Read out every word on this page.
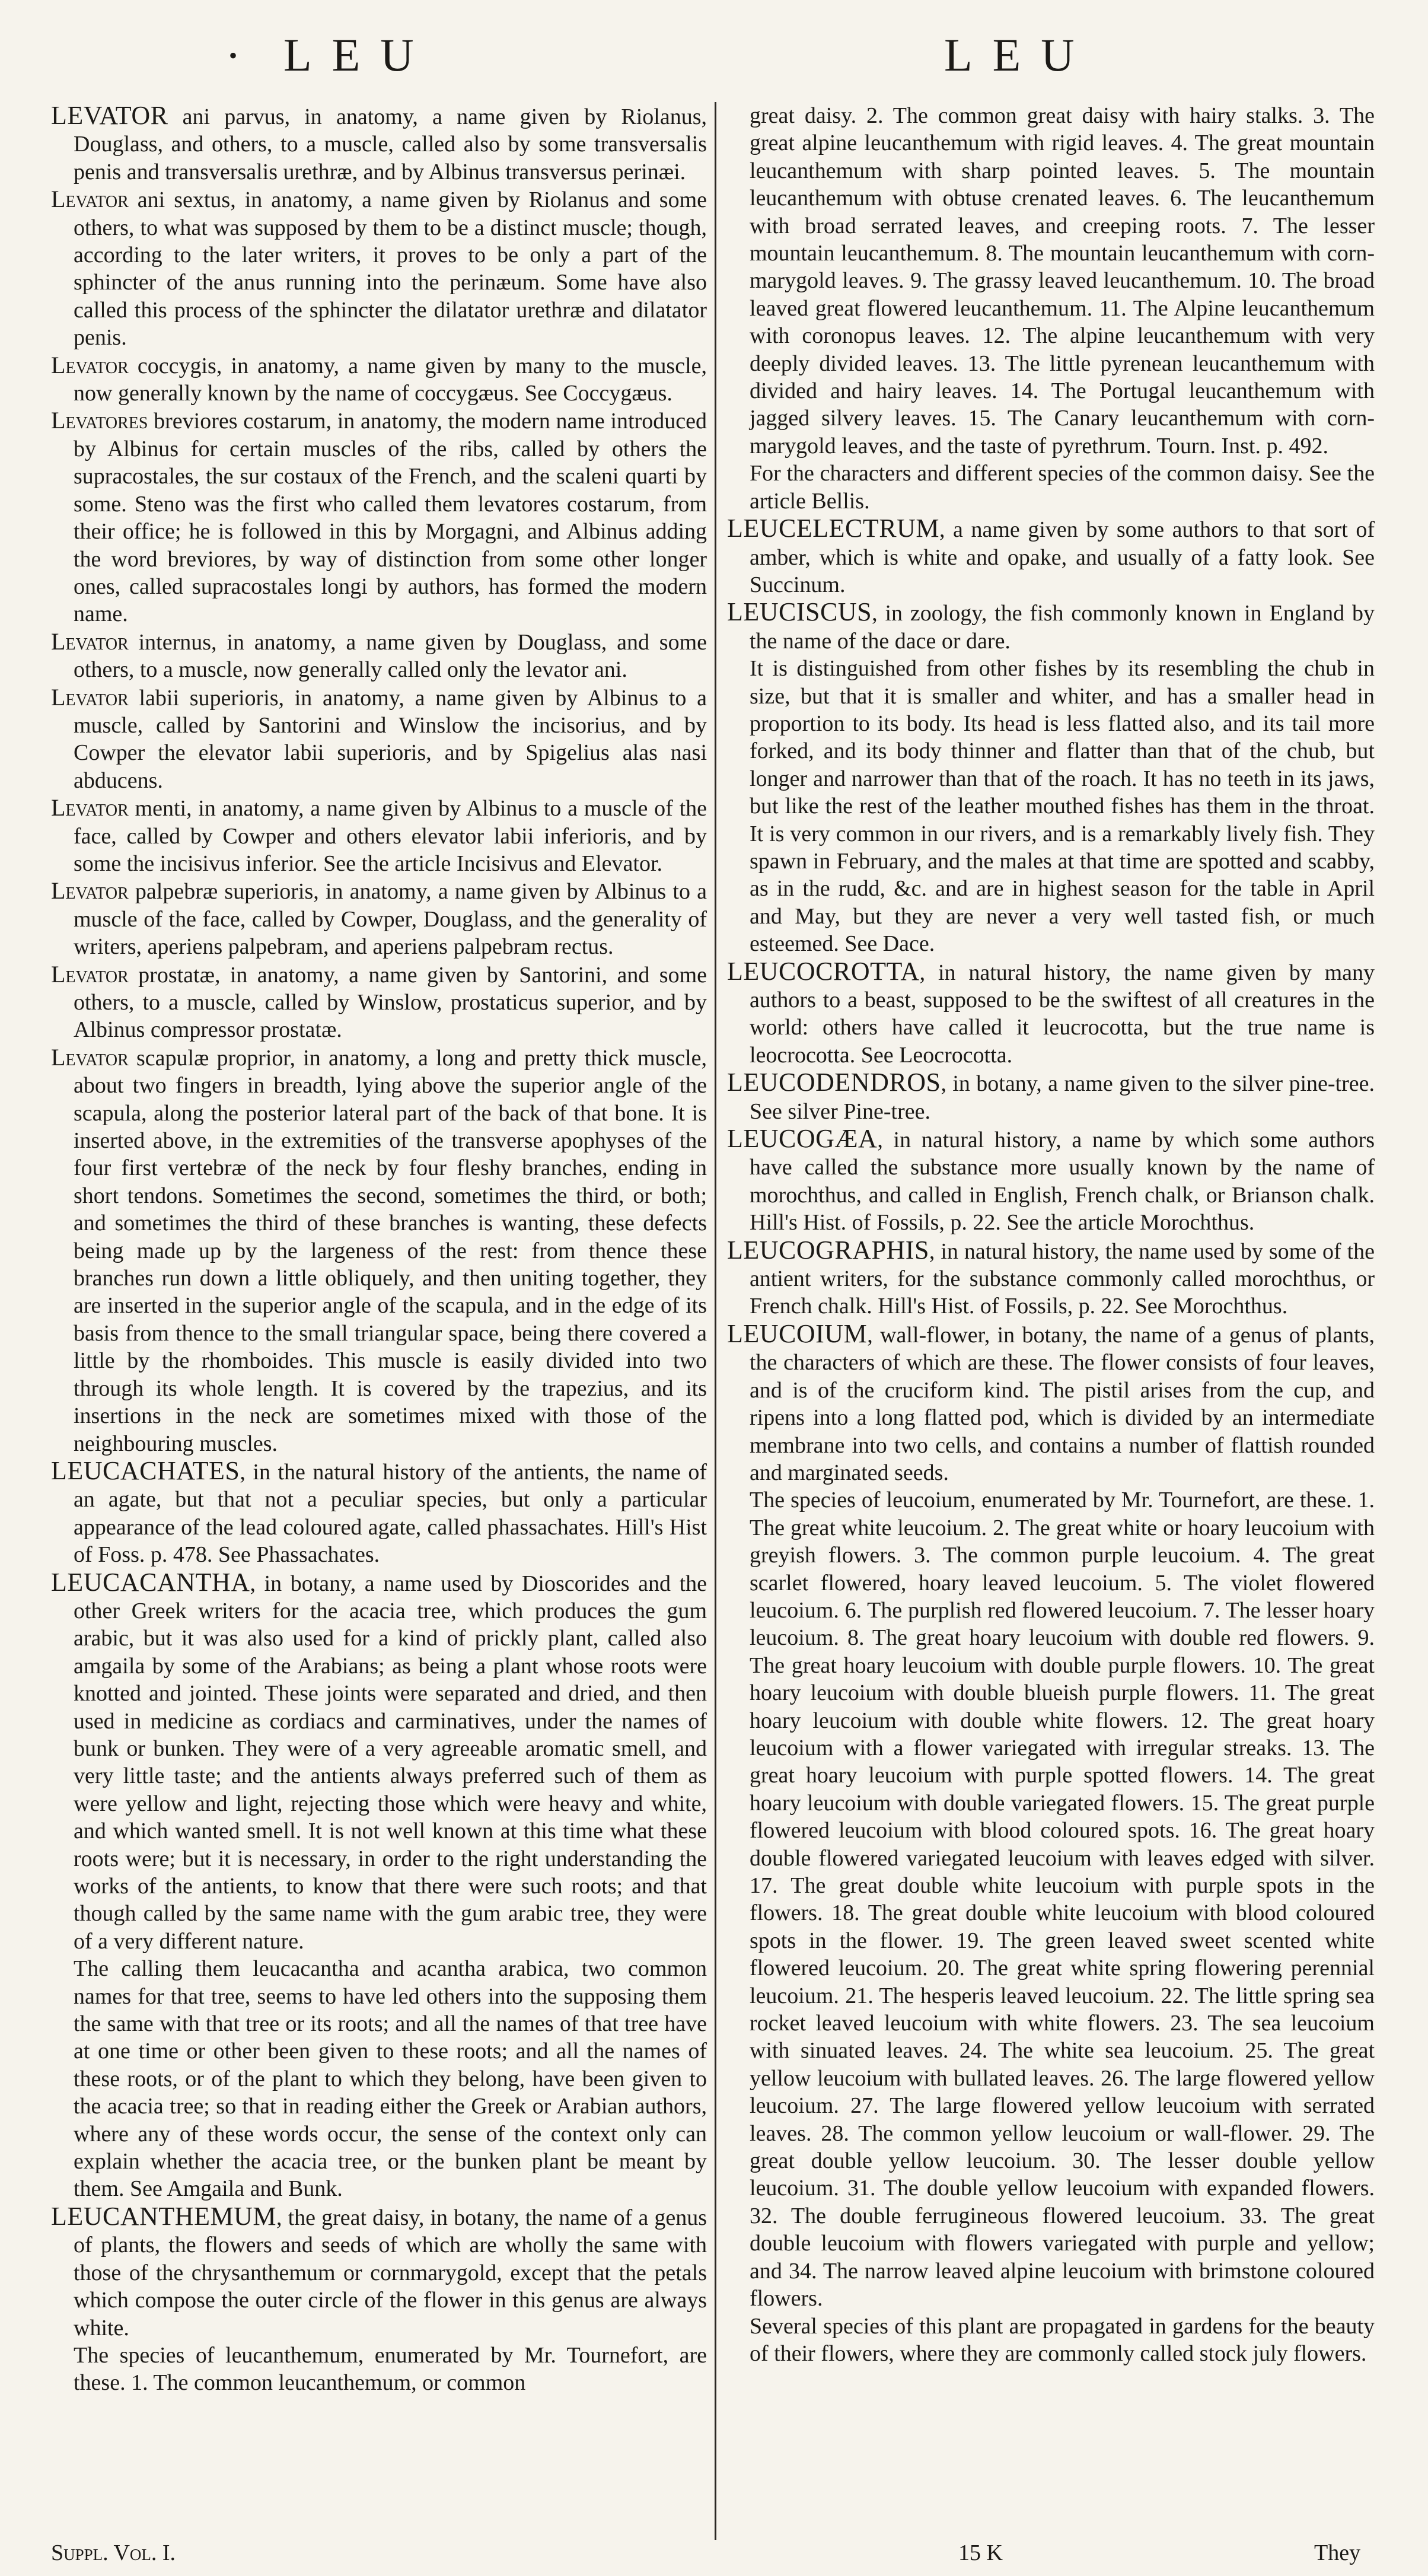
• LEU	LEU

LEVATOR ani parvus, in anatomy, a name given by Riolanus, Douglass, and others, to a muscle, called also by some transversalis penis and transversalis urethræ, and by Albinus transversus perinæi.

Levator ani sextus, in anatomy, a name given by Riolanus and some others, to what was supposed by them to be a distinct muscle; though, according to the later writers, it proves to be only a part of the sphincter of the anus running into the perinæum. Some have also called this process of the sphincter the dilatator urethræ and dilatator penis.

Levator coccygis, in anatomy, a name given by many to the muscle, now generally known by the name of coccygæus. See Coccygæus.

Levatores breviores costarum, in anatomy, the modern name introduced by Albinus for certain muscles of the ribs, called by others the supracostales, the sur costaux of the French, and the scaleni quarti by some. Steno was the first who called them levatores costarum, from their office; he is followed in this by Morgagni, and Albinus adding the word breviores, by way of distinction from some other longer ones, called supracostales longi by authors, has formed the modern name.

Levator internus, in anatomy, a name given by Douglass, and some others, to a muscle, now generally called only the levator ani.

Levator labii superioris, in anatomy, a name given by Albinus to a muscle, called by Santorini and Winslow the incisorius, and by Cowper the elevator labii superioris, and by Spigelius alas nasi abducens.

Levator menti, in anatomy, a name given by Albinus to a muscle of the face, called by Cowper and others elevator labii inferioris, and by some the incisivus inferior. See the article Incisivus and Elevator.

Levator palpebræ superioris, in anatomy, a name given by Albinus to a muscle of the face, called by Cowper, Douglass, and the generality of writers, aperiens palpebram, and aperiens palpebram rectus.

Levator prostatæ, in anatomy, a name given by Santorini, and some others, to a muscle, called by Winslow, prostaticus superior, and by Albinus compressor prostatæ.

Levator scapulæ proprior, in anatomy, a long and pretty thick muscle, about two fingers in breadth, lying above the superior angle of the scapula, along the posterior lateral part of the back of that bone. It is inserted above, in the extremities of the transverse apophyses of the four first vertebræ of the neck by four fleshy branches, ending in short tendons. Sometimes the second, sometimes the third, or both; and sometimes the third of these branches is wanting, these defects being made up by the largeness of the rest: from thence these branches run down a little obliquely, and then uniting together, they are inserted in the superior angle of the scapula, and in the edge of its basis from thence to the small triangular space, being there covered a little by the rhomboides. This muscle is easily divided into two through its whole length. It is covered by the trapezius, and its insertions in the neck are sometimes mixed with those of the neighbouring muscles.

LEUCACHATES, in the natural history of the antients, the name of an agate, but that not a peculiar species, but only a particular appearance of the lead coloured agate, called phassachates. Hill's Hist of Foss. p. 478. See Phassachates.

LEUCACANTHA, in botany, a name used by Dioscorides and the other Greek writers for the acacia tree, which produces the gum arabic, but it was also used for a kind of prickly plant, called also amgaila by some of the Arabians; as being a plant whose roots were knotted and jointed. These joints were separated and dried, and then used in medicine as cordiacs and carminatives, under the names of bunk or bunken. They were of a very agreeable aromatic smell, and very little taste; and the antients always preferred such of them as were yellow and light, rejecting those which were heavy and white, and which wanted smell. It is not well known at this time what these roots were; but it is necessary, in order to the right understanding the works of the antients, to know that there were such roots; and that though called by the same name with the gum arabic tree, they were of a very different nature.

The calling them leucacantha and acantha arabica, two common names for that tree, seems to have led others into the supposing them the same with that tree or its roots; and all the names of that tree have at one time or other been given to these roots; and all the names of these roots, or of the plant to which they belong, have been given to the acacia tree; so that in reading either the Greek or Arabian authors, where any of these words occur, the sense of the context only can explain whether the acacia tree, or the bunken plant be meant by them. See Amgaila and Bunk.

LEUCANTHEMUM, the great daisy, in botany, the name of a genus of plants, the flowers and seeds of which are wholly the same with those of the chrysanthemum or cornmarygold, except that the petals which compose the outer circle of the flower in this genus are always white.

The species of leucanthemum, enumerated by Mr. Tournefort, are these. 1. The common leucanthemum, or common

great daisy. 2. The common great daisy with hairy stalks. 3. The great alpine leucanthemum with rigid leaves. 4. The great mountain leucanthemum with sharp pointed leaves. 5. The mountain leucanthemum with obtuse crenated leaves. 6. The leucanthemum with broad serrated leaves, and creeping roots. 7. The lesser mountain leucanthemum. 8. The mountain leucanthemum with corn-marygold leaves. 9. The grassy leaved leucanthemum. 10. The broad leaved great flowered leucanthemum. 11. The Alpine leucanthemum with coronopus leaves. 12. The alpine leucanthemum with very deeply divided leaves. 13. The little pyrenean leucanthemum with divided and hairy leaves. 14. The Portugal leucanthemum with jagged silvery leaves. 15. The Canary leucanthemum with corn-marygold leaves, and the taste of pyrethrum. Tourn. Inst. p. 492.

For the characters and different species of the common daisy. See the article Bellis.

LEUCELECTRUM, a name given by some authors to that sort of amber, which is white and opake, and usually of a fatty look. See Succinum.

LEUCISCUS, in zoology, the fish commonly known in England by the name of the dace or dare.

It is distinguished from other fishes by its resembling the chub in size, but that it is smaller and whiter, and has a smaller head in proportion to its body. Its head is less flatted also, and its tail more forked, and its body thinner and flatter than that of the chub, but longer and narrower than that of the roach. It has no teeth in its jaws, but like the rest of the leather mouthed fishes has them in the throat. It is very common in our rivers, and is a remarkably lively fish. They spawn in February, and the males at that time are spotted and scabby, as in the rudd, &c. and are in highest season for the table in April and May, but they are never a very well tasted fish, or much esteemed. See Dace.

LEUCOCROTTA, in natural history, the name given by many authors to a beast, supposed to be the swiftest of all creatures in the world: others have called it leucrocotta, but the true name is leocrocotta. See Leocrocotta.

LEUCODENDROS, in botany, a name given to the silver pine-tree. See silver Pine-tree.

LEUCOGÆA, in natural history, a name by which some authors have called the substance more usually known by the name of morochthus, and called in English, French chalk, or Brianson chalk. Hill's Hist. of Fossils, p. 22. See the article Morochthus.

LEUCOGRAPHIS, in natural history, the name used by some of the antient writers, for the substance commonly called morochthus, or French chalk. Hill's Hist. of Fossils, p. 22. See Morochthus.

LEUCOIUM, wall-flower, in botany, the name of a genus of plants, the characters of which are these. The flower consists of four leaves, and is of the cruciform kind. The pistil arises from the cup, and ripens into a long flatted pod, which is divided by an intermediate membrane into two cells, and contains a number of flattish rounded and marginated seeds.

The species of leucoium, enumerated by Mr. Tournefort, are these. 1. The great white leucoium. 2. The great white or hoary leucoium with greyish flowers. 3. The common purple leucoium. 4. The great scarlet flowered, hoary leaved leucoium. 5. The violet flowered leucoium. 6. The purplish red flowered leucoium. 7. The lesser hoary leucoium. 8. The great hoary leucoium with double red flowers. 9. The great hoary leucoium with double purple flowers. 10. The great hoary leucoium with double blueish purple flowers. 11. The great hoary leucoium with double white flowers. 12. The great hoary leucoium with a flower variegated with irregular streaks. 13. The great hoary leucoium with purple spotted flowers. 14. The great hoary leucoium with double variegated flowers. 15. The great purple flowered leucoium with blood coloured spots. 16. The great hoary double flowered variegated leucoium with leaves edged with silver. 17. The great double white leucoium with purple spots in the flowers. 18. The great double white leucoium with blood coloured spots in the flower. 19. The green leaved sweet scented white flowered leucoium. 20. The great white spring flowering perennial leucoium. 21. The hesperis leaved leucoium. 22. The little spring sea rocket leaved leucoium with white flowers. 23. The sea leucoium with sinuated leaves. 24. The white sea leucoium. 25. The great yellow leucoium with bullated leaves. 26. The large flowered yellow leucoium. 27. The large flowered yellow leucoium with serrated leaves. 28. The common yellow leucoium or wall-flower. 29. The great double yellow leucoium. 30. The lesser double yellow leucoium. 31. The double yellow leucoium with expanded flowers. 32. The double ferrugineous flowered leucoium. 33. The great double leucoium with flowers variegated with purple and yellow; and 34. The narrow leaved alpine leucoium with brimstone coloured flowers.

Several species of this plant are propagated in gardens for the beauty of their flowers, where they are commonly called stock july flowers.

Suppl. Vol. I.	15 K	They
